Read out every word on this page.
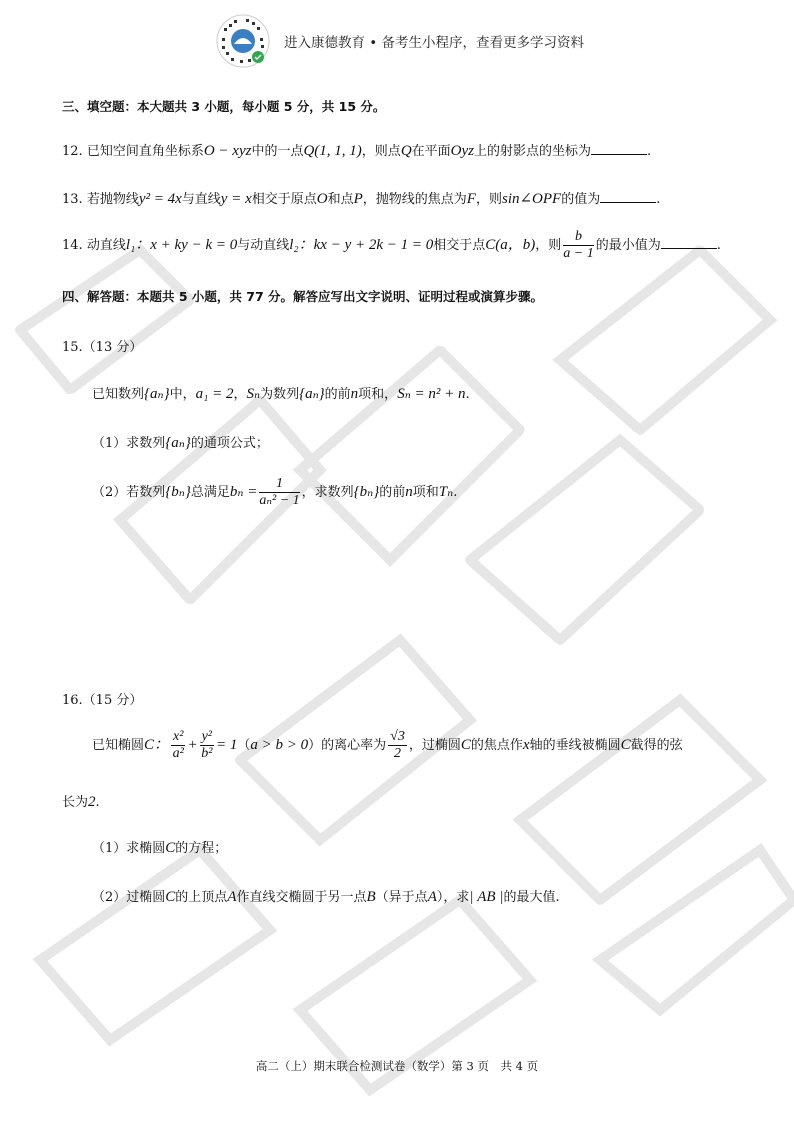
进入康德教育 • 备考生小程序，查看更多学习资料
三、填空题：本大题共 3 小题，每小题 5 分，共 15 分。
12. 已知空间直角坐标系O − xyz中的一点Q(1, 1, 1)，则点Q在平面Oyz上的射影点的坐标为	.
13. 若抛物线y² = 4x与直线y = x相交于原点O和点P，抛物线的焦点为F，则sin∠OPF的值为	.
14. 动直线l₁：x + ky − k = 0与动直线l₂：kx − y + 2k − 1 = 0相交于点C(a，b)，则 $\frac{b}{a - 1}$ 的最小值为	.
四、解答题：本题共 5 小题，共 77 分。解答应写出文字说明、证明过程或演算步骤。
15.（13 分）
已知数列{aₙ}中，a₁ = 2，Sₙ为数列{aₙ}的前n项和，Sₙ = n² + n.
（1）求数列{aₙ}的通项公式；
（2）若数列{bₙ}总满足$b_n = \frac{1}{\text{aₙ² − 1}}$ ，求数列{bₙ}的前n项和Tₙ.
16.（15 分）
已知椭圆C： $\frac{\text{x²}}{\text{a²}} + \frac{\text{y²}}{\text{b²}} = 1(a > b > 0)$的离心率为 $\frac{√3}{2}$ ，过椭圆C的焦点作x轴的垂线被椭圆C截得的弦
长为2.
（1）求椭圆C的方程；
（2）过椭圆C的上顶点A作直线交椭圆于另一点B（异于点A），求| AB |的最大值.
高二（上）期末联合检测试卷（数学）第 3 页　共 4 页
